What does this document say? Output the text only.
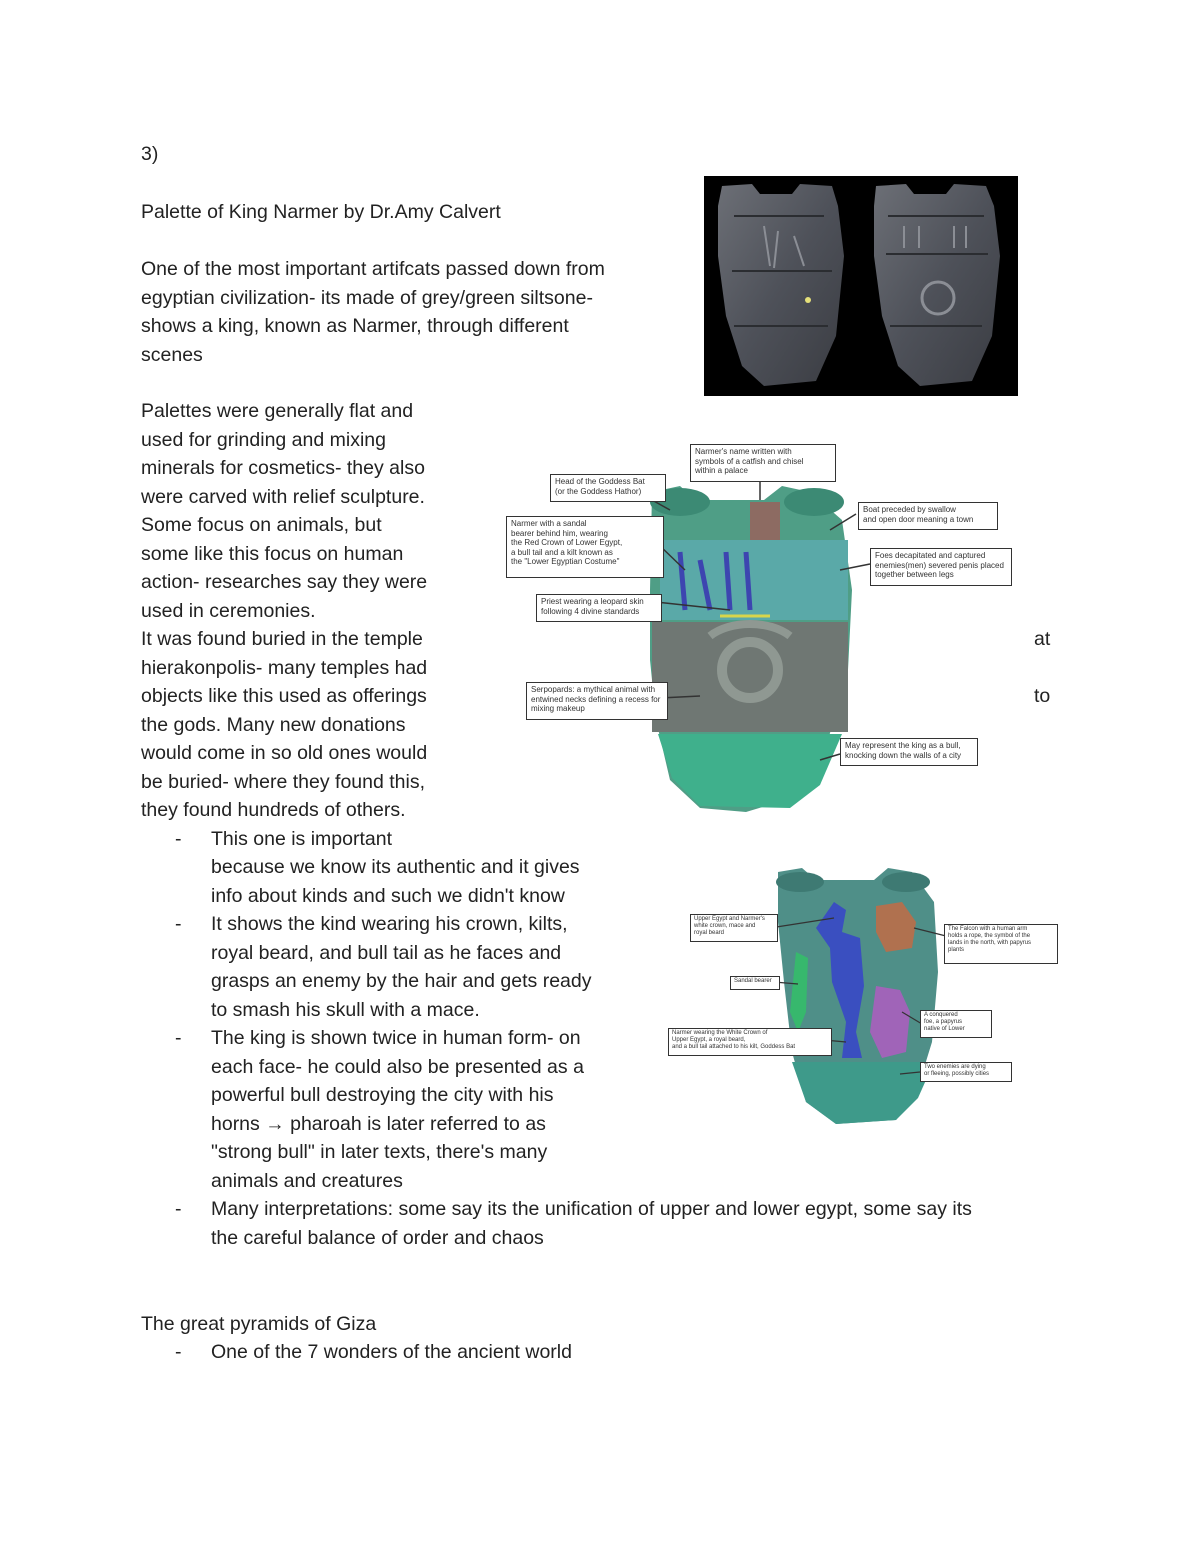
3)
Palette of King Narmer by Dr.Amy Calvert
One of the most important artifcats passed down from
egyptian civilization- its made of grey/green siltsone-
shows a king, known as Narmer, through different
scenes
Palettes were generally flat and
used for grinding and mixing
minerals for cosmetics- they also
were carved with relief sculpture.
Some focus on animals, but
some like this focus on human
action- researches say they were
used in ceremonies.
It was found buried in the temple
hierakonpolis- many temples had
objects like this used as offerings
the gods. Many new donations
would come in so old ones would
be buried- where they found this,
they found hundreds of others.
at
to
- This one is important
because we know its authentic and it gives
info about kinds and such we didn't know
- It shows the kind wearing his crown, kilts,
royal beard, and bull tail as he faces and
grasps an enemy by the hair and gets ready
to smash his skull with a mace.
- The king is shown twice in human form- on
each face- he could also be presented as a
powerful bull destroying the city with his
horns → pharoah is later referred to as
"strong bull" in later texts, there's many
animals and creatures
- Many interpretations: some say its the unification of upper and lower egypt, some say its
the careful balance of order and chaos
The great pyramids of Giza
- One of the 7 wonders of the ancient world
Narmer's name written with
symbols of a catfish and chisel
within a palace
Head of the Goddess Bat
(or the Goddess Hathor)
Narmer with a sandal
bearer behind him, wearing
the Red Crown of Lower Egypt,
a bull tail and a kilt known as
the "Lower Egyptian Costume"
Boat preceded by swallow
and open door meaning a town
Foes decapitated and captured
enemies(men) severed penis placed
together between legs
Priest wearing a leopard skin
following 4 divine standards
Serpopards: a mythical animal with
entwined necks defining a recess for
mixing makeup
May represent the king as a bull,
knocking down the walls of a city
Upper Egypt and Narmer's
white crown, mace and
royal beard
The Falcon with a human arm
holds a rope, the symbol of the
lands in the north, with papyrus
plants
Sandal bearer
A conquered
foe, a papyrus
native of Lower
Narmer wearing the White Crown of
Upper Egypt, a royal beard,
and a bull tail attached to his kilt, Goddess Bat
Two enemies are dying
or fleeing, possibly cities
